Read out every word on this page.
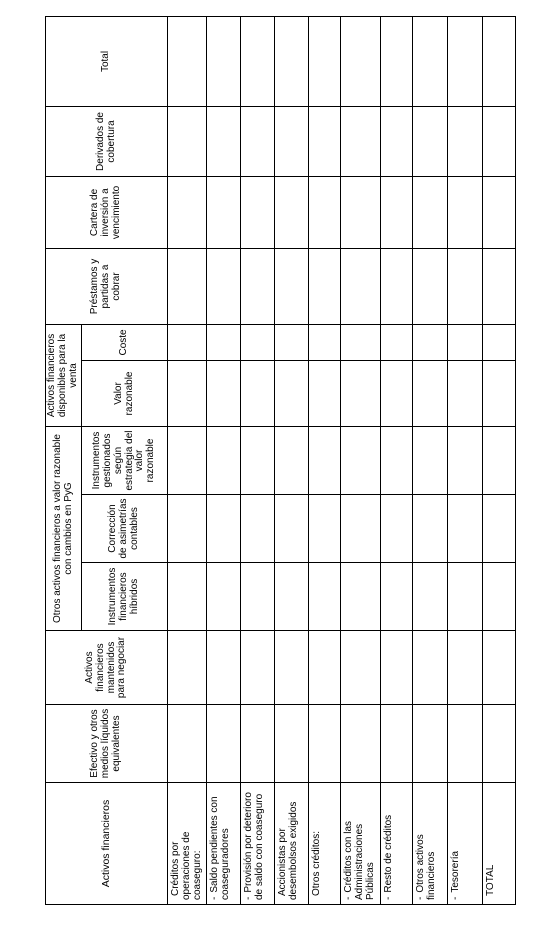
Activos financieros	Efectivo y otros medios líquidos equivalentes	Activos financieros mantenidos para negociar	Otros activos financieros a valor razonable con cambios en PyG			Activos financieros disponibles para la venta		Préstamos y partidas a cobrar	Cartera de inversión a vencimiento	Derivados de cobertura	Total
			Instrumentos financieros híbridos	Corrección de asimetrías contables	Instrumentos gestionados según estrategia del valor razonable	Valor razonable	Coste				
Créditos por operaciones de coaseguro:											
-Saldo pendientes con coaseguradores											
-Provisión por deterioro de saldo con coaseguro											
Accionistas por desembolsos exigidos											
Otros créditos:											
-Créditos con las Administraciones Públicas											
-Resto de créditos											
-Otros activos financieros											
-Tesorería											
TOTAL											
